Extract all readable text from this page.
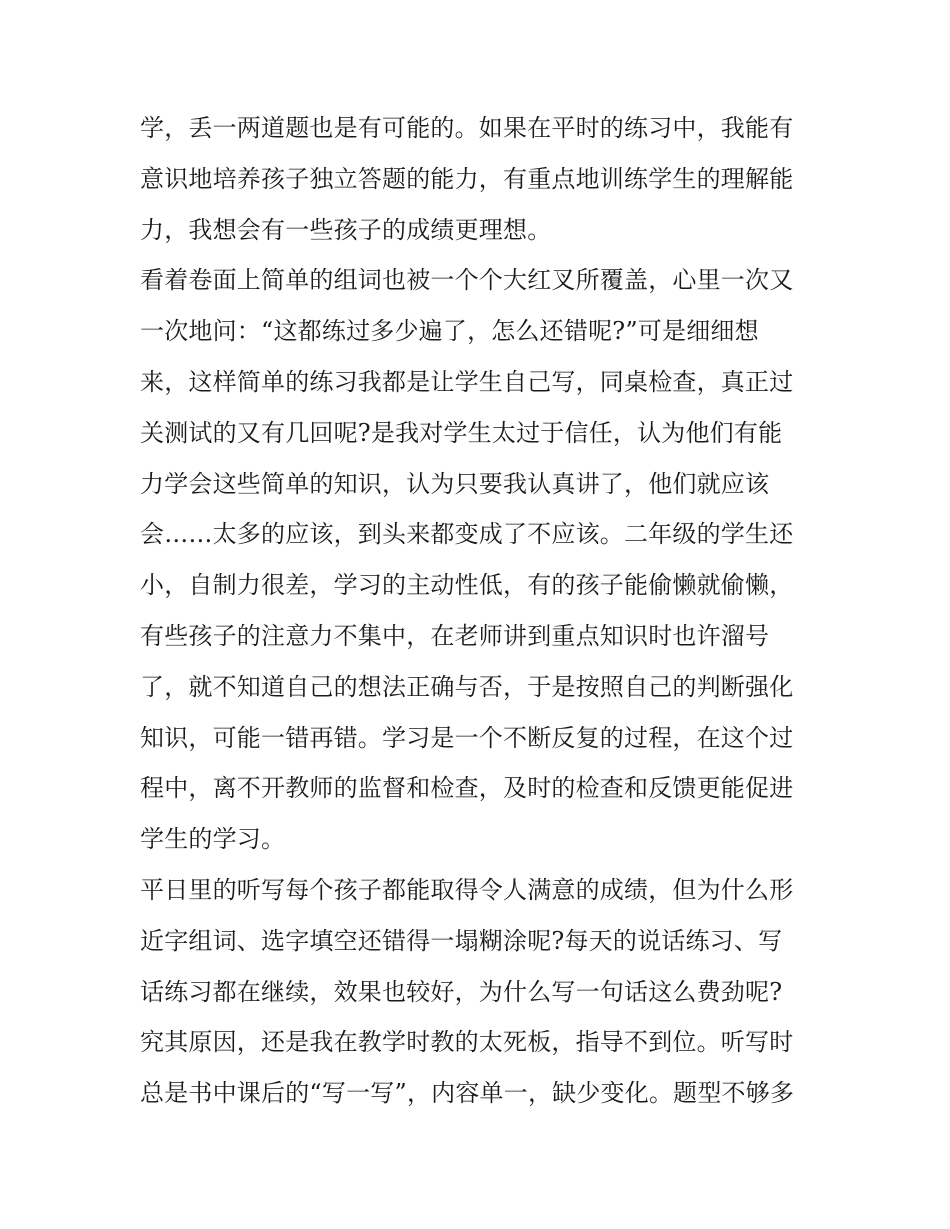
学，丢一两道题也是有可能的。如果在平时的练习中，我能有
意识地培养孩子独立答题的能力，有重点地训练学生的理解能
力，我想会有一些孩子的成绩更理想。
看着卷面上简单的组词也被一个个大红叉所覆盖，心里一次又
一次地问：“这都练过多少遍了，怎么还错呢?”可是细细想
来，这样简单的练习我都是让学生自己写，同桌检查，真正过
关测试的又有几回呢?是我对学生太过于信任，认为他们有能
力学会这些简单的知识，认为只要我认真讲了，他们就应该
会……太多的应该，到头来都变成了不应该。二年级的学生还
小，自制力很差，学习的主动性低，有的孩子能偷懒就偷懒，
有些孩子的注意力不集中，在老师讲到重点知识时也许溜号
了，就不知道自己的想法正确与否，于是按照自己的判断强化
知识，可能一错再错。学习是一个不断反复的过程，在这个过
程中，离不开教师的监督和检查，及时的检查和反馈更能促进
学生的学习。
平日里的听写每个孩子都能取得令人满意的成绩，但为什么形
近字组词、选字填空还错得一塌糊涂呢?每天的说话练习、写
话练习都在继续，效果也较好，为什么写一句话这么费劲呢?
究其原因，还是我在教学时教的太死板，指导不到位。听写时
总是书中课后的“写一写”，内容单一，缺少变化。题型不够多
